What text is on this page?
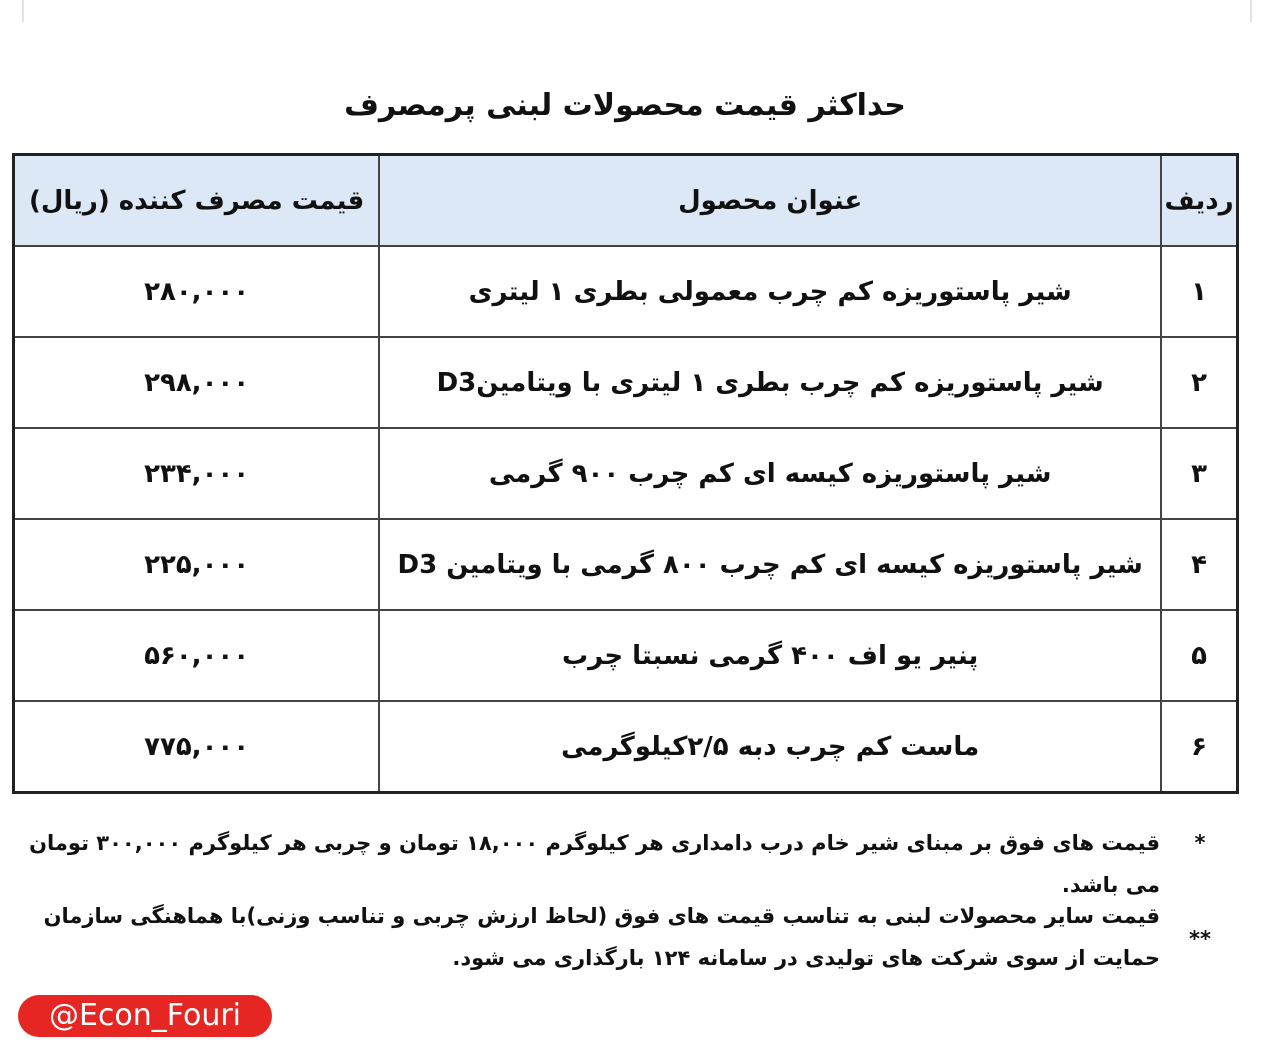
حداکثر قیمت محصولات لبنی پرمصرف
ردیف	عنوان محصول	قیمت مصرف کننده (ریال)
۱	شیر پاستوریزه کم چرب معمولی بطری ۱ لیتری	۲۸۰,۰۰۰
۲	شیر پاستوریزه کم چرب بطری ۱ لیتری با ویتامینD3	۲۹۸,۰۰۰
۳	شیر پاستوریزه کیسه ای کم چرب ۹۰۰ گرمی	۲۳۴,۰۰۰
۴	شیر پاستوریزه کیسه ای کم چرب ۸۰۰ گرمی با ویتامین D3	۲۲۵,۰۰۰
۵	پنیر یو اف ۴۰۰ گرمی نسبتا چرب	۵۶۰,۰۰۰
۶	ماست کم چرب دبه ۲/۵کیلوگرمی	۷۷۵,۰۰۰
*
قیمت های فوق بر مبنای شیر خام درب دامداری هر کیلوگرم ۱۸,۰۰۰ تومان و چربی هر کیلوگرم ۳۰۰,۰۰۰ تومان می باشد.
**
قیمت سایر محصولات لبنی به تناسب قیمت های فوق (لحاظ ارزش چربی و تناسب وزنی)با هماهنگی سازمان حمایت از سوی شرکت های تولیدی در سامانه ۱۲۴ بارگذاری می شود.
@Econ_Fouri
